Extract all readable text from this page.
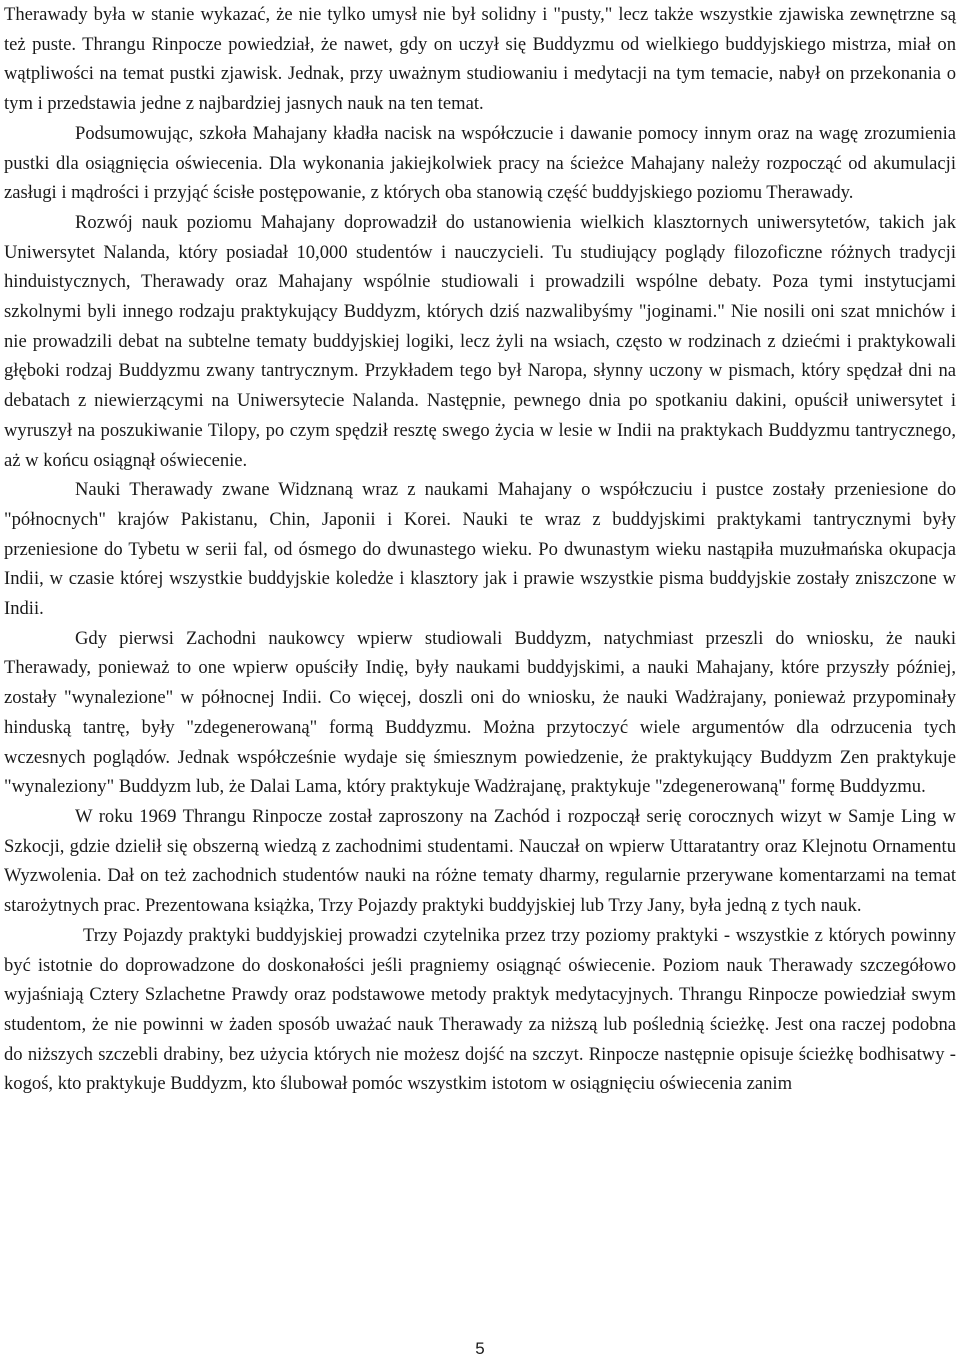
Therawady była w stanie wykazać, że nie tylko umysł nie był solidny i "pusty," lecz także wszystkie zjawiska zewnętrzne są też puste. Thrangu Rinpocze powiedział, że nawet, gdy on uczył się Buddyzmu od wielkiego buddyjskiego mistrza, miał on wątpliwości na temat pustki zjawisk. Jednak, przy uważnym studiowaniu i medytacji na tym temacie, nabył on przekonania o tym i przedstawia jedne z najbardziej jasnych nauk na ten temat.

Podsumowując, szkoła Mahajany kładła nacisk na współczucie i dawanie pomocy innym oraz na wagę zrozumienia pustki dla osiągnięcia oświecenia. Dla wykonania jakiejkolwiek pracy na ścieżce Mahajany należy rozpocząć od akumulacji zasługi i mądrości i przyjąć ścisłe postępowanie, z których oba stanowią część buddyjskiego poziomu Therawady.

Rozwój nauk poziomu Mahajany doprowadził do ustanowienia wielkich klasztornych uniwersytetów, takich jak Uniwersytet Nalanda, który posiadał 10,000 studentów i nauczycieli. Tu studiujący poglądy filozoficzne różnych tradycji hinduistycznych, Therawady oraz Mahajany wspólnie studiowali i prowadzili wspólne debaty. Poza tymi instytucjami szkolnymi byli innego rodzaju praktykujący Buddyzm, których dziś nazwalibyśmy "joginami." Nie nosili oni szat mnichów i nie prowadzili debat na subtelne tematy buddyjskiej logiki, lecz żyli na wsiach, często w rodzinach z dziećmi i praktykowali głęboki rodzaj Buddyzmu zwany tantrycznym. Przykładem tego był Naropa, słynny uczony w pismach, który spędzał dni na debatach z niewierzącymi na Uniwersytecie Nalanda. Następnie, pewnego dnia po spotkaniu dakini, opuścił uniwersytet i wyruszył na poszukiwanie Tilopy, po czym spędził resztę swego życia w lesie w Indii na praktykach Buddyzmu tantrycznego, aż w końcu osiągnął oświecenie.

Nauki Therawady zwane Widznaną wraz z naukami Mahajany o współczuciu i pustce zostały przeniesione do "północnych" krajów Pakistanu, Chin, Japonii i Korei. Nauki te wraz z buddyjskimi praktykami tantrycznymi były przeniesione do Tybetu w serii fal, od ósmego do dwunastego wieku. Po dwunastym wieku nastąpiła muzułmańska okupacja Indii, w czasie której wszystkie buddyjskie koledże i klasztory jak i prawie wszystkie pisma buddyjskie zostały zniszczone w Indii.

Gdy pierwsi Zachodni naukowcy wpierw studiowali Buddyzm, natychmiast przeszli do wniosku, że nauki Therawady, ponieważ to one wpierw opuściły Indię, były naukami buddyjskimi, a nauki Mahajany, które przyszły później, zostały "wynalezione" w północnej Indii. Co więcej, doszli oni do wniosku, że nauki Wadżrajany, ponieważ przypominały hinduską tantrę, były "zdegenerowaną" formą Buddyzmu. Można przytoczyć wiele argumentów dla odrzucenia tych wczesnych poglądów. Jednak współcześnie wydaje się śmiesznym powiedzenie, że praktykujący Buddyzm Zen praktykuje "wynaleziony" Buddyzm lub, że Dalai Lama, który praktykuje Wadżrajanę, praktykuje "zdegenerowaną" formę Buddyzmu.

W roku 1969 Thrangu Rinpocze został zaproszony na Zachód i rozpoczął serię corocznych wizyt w Samje Ling w Szkocji, gdzie dzielił się obszerną wiedzą z zachodnimi studentami. Nauczał on wpierw Uttaratantry oraz Klejnotu Ornamentu Wyzwolenia. Dał on też zachodnich studentów nauki na różne tematy dharmy, regularnie przerywane komentarzami na temat starożytnych prac. Prezentowana książka, Trzy Pojazdy praktyki buddyjskiej lub Trzy Jany, była jedną z tych nauk.

Trzy Pojazdy praktyki buddyjskiej prowadzi czytelnika przez trzy poziomy praktyki - wszystkie z których powinny być istotnie do doprowadzone do doskonałości jeśli pragniemy osiągnąć oświecenie. Poziom nauk Therawady szczegółowo wyjaśniają Cztery Szlachetne Prawdy oraz podstawowe metody praktyk medytacyjnych. Thrangu Rinpocze powiedział swym studentom, że nie powinni w żaden sposób uważać nauk Therawady za niższą lub poślednią ścieżkę. Jest ona raczej podobna do niższych szczebli drabiny, bez użycia których nie możesz dojść na szczyt. Rinpocze następnie opisuje ścieżkę bodhisatwy - kogoś, kto praktykuje Buddyzm, kto ślubował pomóc wszystkim istotom w osiągnięciu oświecenia zanim

5
